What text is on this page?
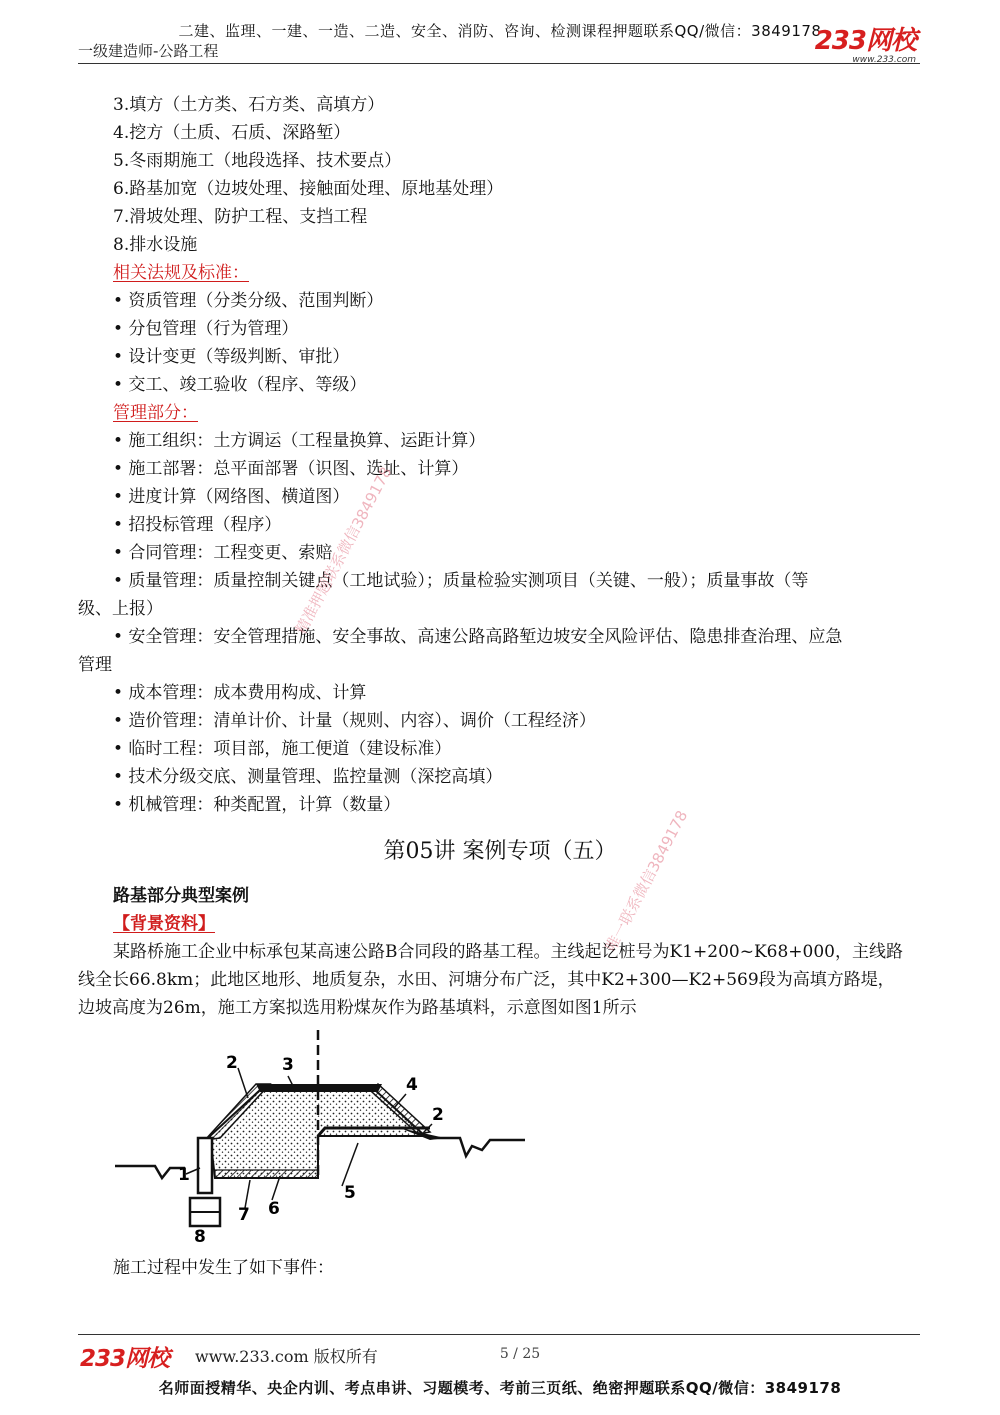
二建、监理、一建、一造、二造、安全、消防、咨询、检测课程押题联系QQ/微信：3849178
一级建造师-公路工程	233网校
www.233.com
3.填方（土方类、石方类、高填方）
4.挖方（土质、石质、深路堑）
5.冬雨期施工（地段选择、技术要点）
6.路基加宽（边坡处理、接触面处理、原地基处理）
7.滑坡处理、防护工程、支挡工程
8.排水设施
相关法规及标准：
• 资质管理（分类分级、范围判断）
• 分包管理（行为管理）
• 设计变更（等级判断、审批）
• 交工、竣工验收（程序、等级）
管理部分：
• 施工组织：土方调运（工程量换算、运距计算）
• 施工部署：总平面部署（识图、选址、计算）
• 进度计算（网络图、横道图）
• 招投标管理（程序）
• 合同管理：工程变更、索赔
• 质量管理：质量控制关键点（工地试验）；质量检验实测项目（关键、一般）；质量事故（等
级、上报）
• 安全管理：安全管理措施、安全事故、高速公路高路堑边坡安全风险评估、隐患排查治理、应急
管理
• 成本管理：成本费用构成、计算
• 造价管理：清单计价、计量（规则、内容）、调价（工程经济）
• 临时工程：项目部，施工便道（建设标准）
• 技术分级交底、测量管理、监控量测（深挖高填）
• 机械管理：种类配置，计算（数量）
第05讲 案例专项（五）
路基部分典型案例
【背景资料】
某路桥施工企业中标承包某高速公路B合同段的路基工程。主线起讫桩号为K1+200~K68+000，主线路
线全长66.8km；此地区地形、地质复杂，水田、河塘分布广泛，其中K2+300—K2+569段为高填方路堤，
边坡高度为26m，施工方案拟选用粉煤灰作为路基填料，示意图如图1所示
1
2	3
4
2
5
6
7
8
施工过程中发生了如下事件：
精准押题联系微信3849178
唯一联系微信3849178
233网校 www.233.com 版权所有	5 / 25
名师面授精华、央企内训、考点串讲、习题模考、考前三页纸、绝密押题联系QQ/微信：3849178
